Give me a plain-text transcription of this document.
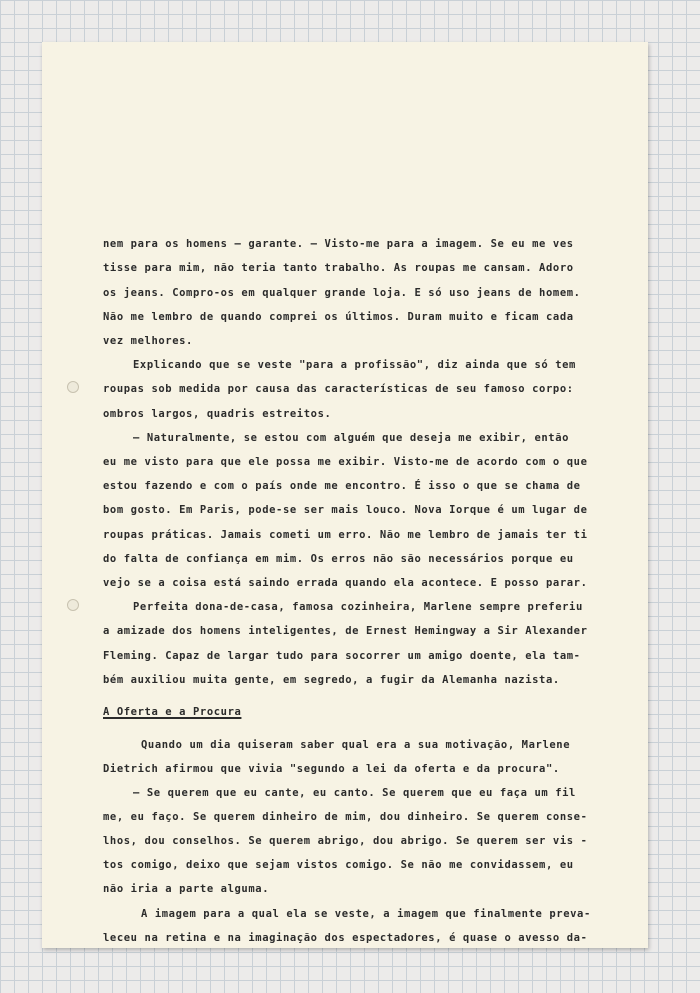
nem para os homens — garante. — Visto-me para a imagem. Se eu me ves
tisse para mim, não teria tanto trabalho. As roupas me cansam. Adoro
os jeans. Compro-os em qualquer grande loja. E só uso jeans de homem.
Não me lembro de quando comprei os últimos. Duram muito e ficam cada
vez melhores.
Explicando que se veste "para a profissão", diz ainda que só tem
roupas sob medida por causa das características de seu famoso corpo:
ombros largos, quadris estreitos.
— Naturalmente, se estou com alguém que deseja me exibir, então
eu me visto para que ele possa me exibir. Visto-me de acordo com o que
estou fazendo e com o país onde me encontro. É isso o que se chama de
bom gosto. Em Paris, pode-se ser mais louco. Nova Iorque é um lugar de
roupas práticas. Jamais cometi um erro. Não me lembro de jamais ter ti
do falta de confiança em mim. Os erros não são necessários porque eu
vejo se a coisa está saindo errada quando ela acontece. E posso parar.
Perfeita dona-de-casa, famosa cozinheira, Marlene sempre preferiu
a amizade dos homens inteligentes, de Ernest Hemingway a Sir Alexander
Fleming. Capaz de largar tudo para socorrer um amigo doente, ela tam-
bém auxiliou muita gente, em segredo, a fugir da Alemanha nazista.
A Oferta e a Procura
Quando um dia quiseram saber qual era a sua motivação, Marlene
Dietrich afirmou que vivia "segundo a lei da oferta e da procura".
— Se querem que eu cante, eu canto. Se querem que eu faça um fil
me, eu faço. Se querem dinheiro de mim, dou dinheiro. Se querem conse-
lhos, dou conselhos. Se querem abrigo, dou abrigo. Se querem ser vis -
tos comigo, deixo que sejam vistos comigo. Se não me convidassem, eu
não iria a parte alguma.
A imagem para a qual ela se veste, a imagem que finalmente preva-
leceu na retina e na imaginação dos espectadores, é quase o avesso da-
